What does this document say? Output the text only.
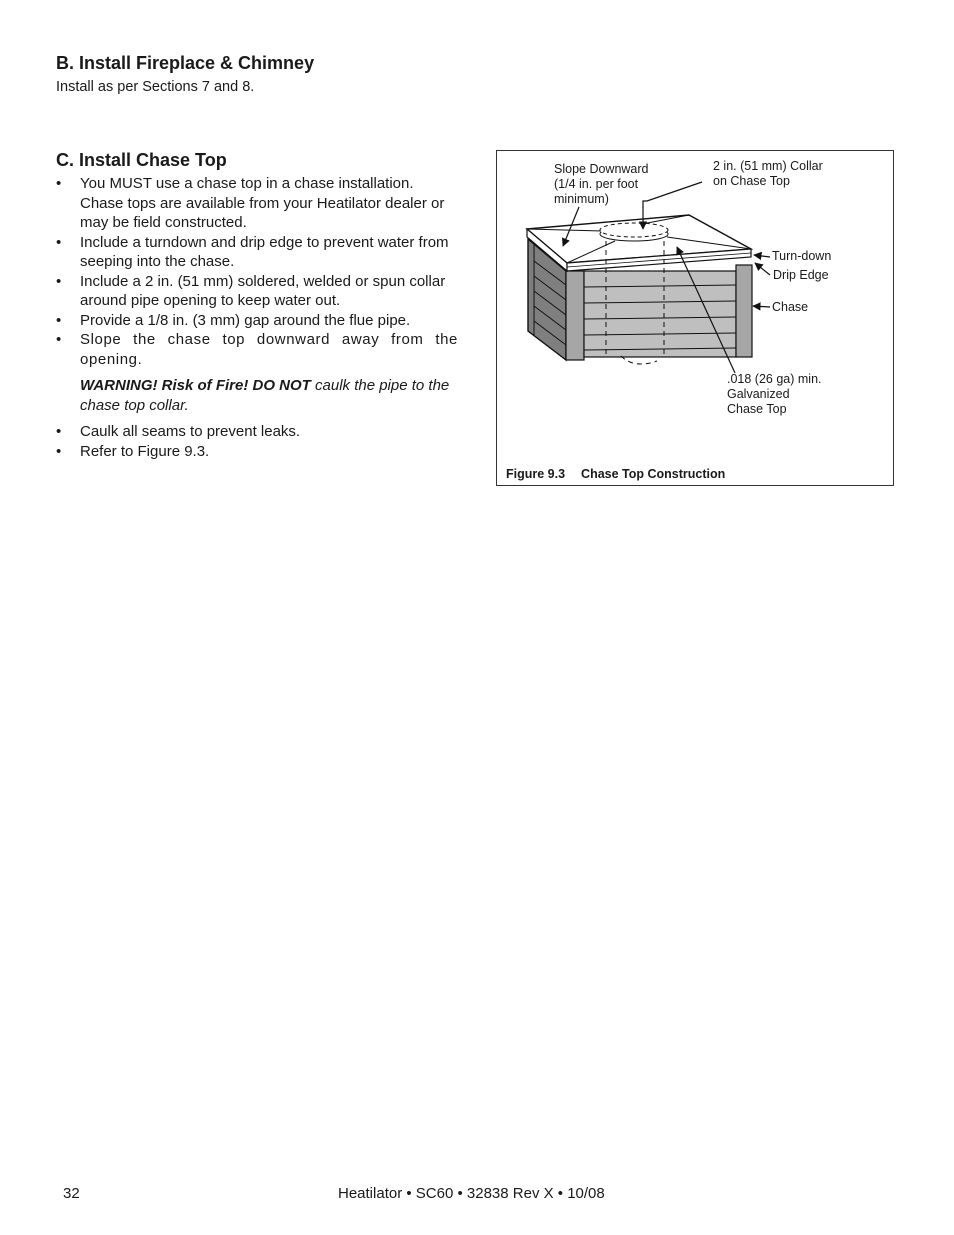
B. Install Fireplace & Chimney
Install as per Sections 7 and 8.
C. Install Chase Top
• You MUST use a chase top in a chase installation. Chase tops are available from your Heatilator dealer or may be field constructed.
• Include a turndown and drip edge to prevent water from seeping into the chase.
• Include a 2 in. (51 mm) soldered, welded or spun collar around pipe opening to keep water out.
• Provide a 1/8 in. (3 mm) gap around the flue pipe.
• Slope the chase top downward away from the opening.
WARNING! Risk of Fire! DO NOT caulk the pipe to the chase top collar.
• Caulk all seams to prevent leaks.
• Refer to Figure 9.3.
Slope Downward
(1/4 in. per foot
minimum)
2 in. (51 mm) Collar
on Chase Top
Turn-down
Drip Edge
Chase
.018 (26 ga) min.
Galvanized
Chase Top
Figure 9.3 Chase Top Construction
32	Heatilator • SC60 • 32838 Rev X • 10/08
